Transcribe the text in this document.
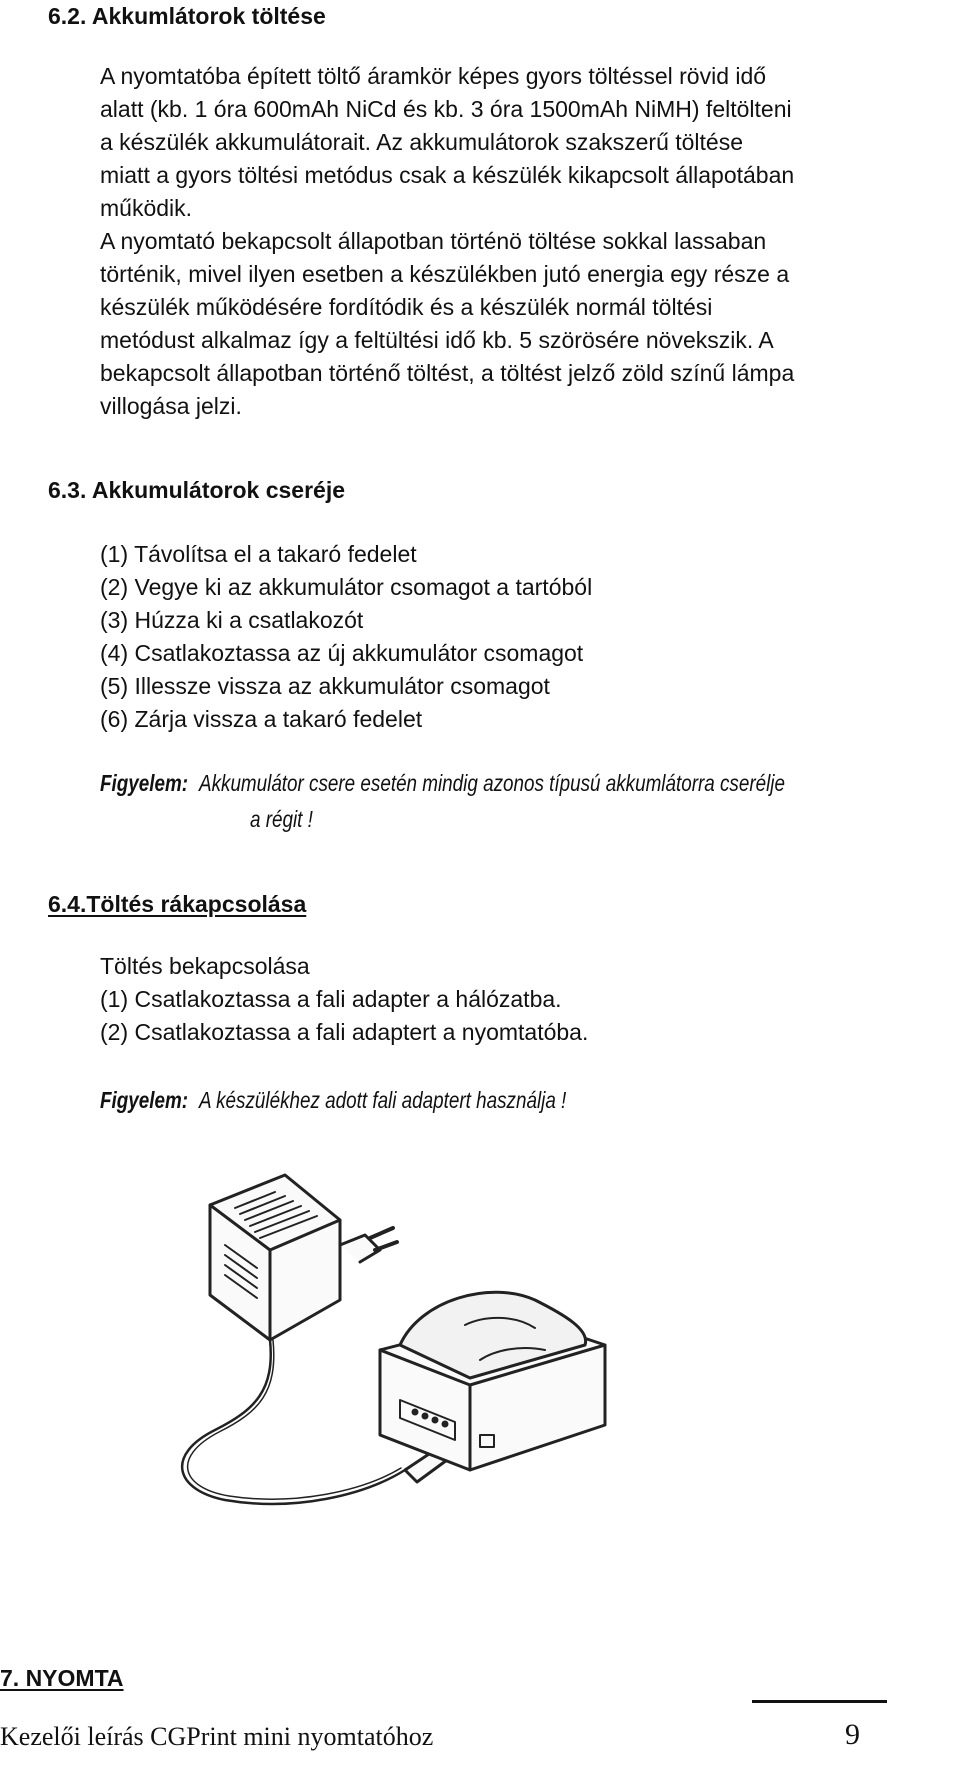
6.2. Akkumlátorok töltése

A nyomtatóba épített töltő áramkör képes gyors töltéssel rövid idő

alatt (kb. 1 óra 600mAh NiCd és kb. 3 óra 1500mAh NiMH) feltölteni

a készülék akkumulátorait. Az akkumulátorok szakszerű töltése

miatt a gyors töltési metódus csak a készülék kikapcsolt állapotában

működik.

A nyomtató bekapcsolt állapotban történö töltése sokkal lassaban

történik, mivel ilyen esetben a készülékben jutó energia egy része a

készülék működésére fordítódik és a készülék normál töltési

metódust alkalmaz így a feltültési idő kb. 5 szörösére növekszik. A

bekapcsolt állapotban történő töltést, a töltést jelző zöld színű lámpa

villogása jelzi.

6.3. Akkumulátorok cseréje
(1) Távolítsa el a takaró fedelet
(2) Vegye ki az akkumulátor csomagot a tartóból
(3) Húzza ki a csatlakozót
(4) Csatlakoztassa az új akkumulátor csomagot
(5) Illessze vissza az akkumulátor csomagot
(6) Zárja vissza a takaró fedelet
Figyelem: Akkumulátor csere esetén mindig azonos típusú akkumlátorra cserélje
a régit !
6.4.Töltés rákapcsolása

Töltés bekapcsolása

(1) Csatlakoztassa a fali adapter a hálózatba.

(2) Csatlakoztassa a fali adaptert a nyomtatóba.

Figyelem: A készülékhez adott fali adaptert használja !
7. NYOMTA
Kezelői leírás CGPrint mini nyomtatóhoz	9
